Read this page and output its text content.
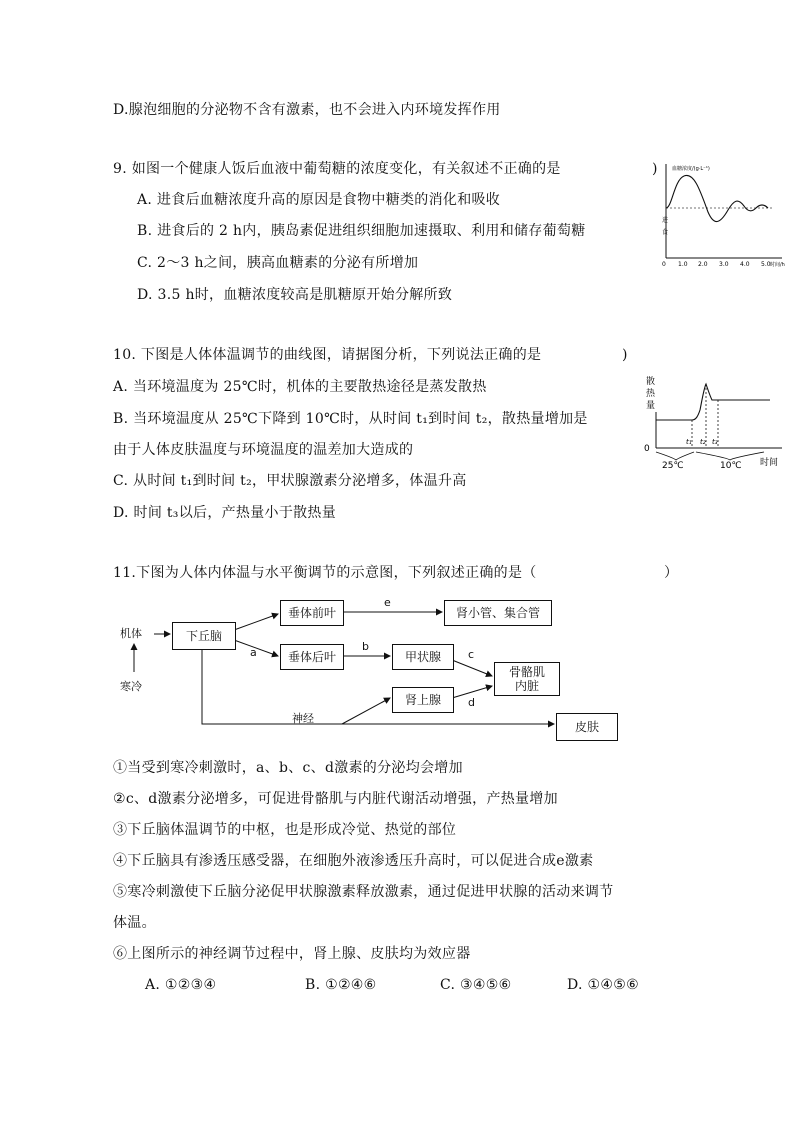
D.腺泡细胞的分泌物不含有激素，也不会进入内环境发挥作用
9. 如图一个健康人饭后血液中葡萄糖的浓度变化，有关叙述不正确的是	)
A. 进食后血糖浓度升高的原因是食物中糖类的消化和吸收
B. 进食后的 2 h内，胰岛素促进组织细胞加速摄取、利用和储存葡萄糖
C. 2～3 h之间，胰高血糖素的分泌有所增加
D. 3.5 h时，血糖浓度较高是肌糖原开始分解所致
血糖浓度/(g·L⁻¹)
进
食
0 1.0 2.0 3.0 4.0 5.0 时间/h
10. 下图是人体体温调节的曲线图，请据图分析，下列说法正确的是	)
A. 当环境温度为 25℃时，机体的主要散热途径是蒸发散热
B. 当环境温度从 25℃下降到 10℃时，从时间 t₁到时间 t₂，散热量增加是
由于人体皮肤温度与环境温度的温差加大造成的
C. 从时间 t₁到时间 t₂，甲状腺激素分泌增多，体温升高
D. 时间 t₃以后，产热量小于散热量
散
热
量
0
t₁ t₂ t₃
25℃	10℃ 时间
11.下图为人体内体温与水平衡调节的示意图，下列叙述正确的是（	）
机体
寒冷
下丘脑
垂体前叶
垂体后叶
肾小管、集合管
甲状腺
肾上腺
骨骼肌
内脏
皮肤
神经
a	b
c
d
e
①当受到寒冷刺激时，a、b、c、d激素的分泌均会增加
②c、d激素分泌增多，可促进骨骼肌与内脏代谢活动增强，产热量增加
③下丘脑体温调节的中枢，也是形成冷觉、热觉的部位
④下丘脑具有渗透压感受器，在细胞外液渗透压升高时，可以促进合成e激素
⑤寒冷刺激使下丘脑分泌促甲状腺激素释放激素，通过促进甲状腺的活动来调节
体温。
⑥上图所示的神经调节过程中，肾上腺、皮肤均为效应器
A. ①②③④	B. ①②④⑥	C. ③④⑤⑥	D. ①④⑤⑥
